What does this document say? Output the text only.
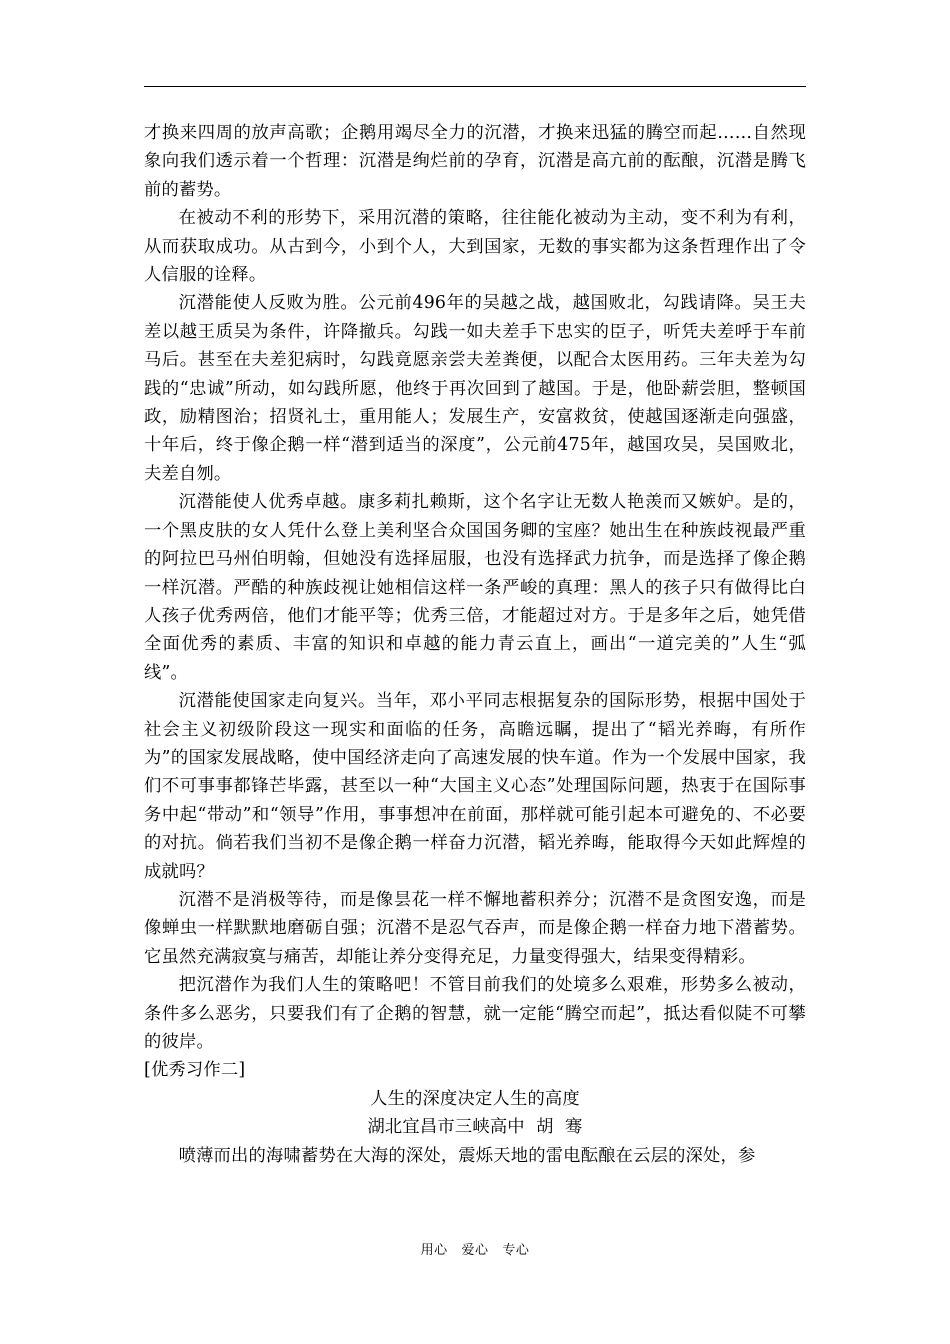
才换来四周的放声高歌；企鹅用竭尽全力的沉潜，才换来迅猛的腾空而起……自然现象向我们透示着一个哲理：沉潜是绚烂前的孕育，沉潜是高亢前的酝酿，沉潜是腾飞前的蓄势。

在被动不利的形势下，采用沉潜的策略，往往能化被动为主动，变不利为有利，从而获取成功。从古到今，小到个人，大到国家，无数的事实都为这条哲理作出了令人信服的诠释。

沉潜能使人反败为胜。公元前496年的吴越之战，越国败北，勾践请降。吴王夫差以越王质吴为条件，许降撤兵。勾践一如夫差手下忠实的臣子，听凭夫差呼于车前马后。甚至在夫差犯病时，勾践竟愿亲尝夫差粪便，以配合太医用药。三年夫差为勾践的“忠诚”所动，如勾践所愿，他终于再次回到了越国。于是，他卧薪尝胆，整顿国政，励精图治；招贤礼士，重用能人；发展生产，安富救贫，使越国逐渐走向强盛，十年后，终于像企鹅一样“潜到适当的深度”，公元前475年，越国攻吴，吴国败北，夫差自刎。

沉潜能使人优秀卓越。康多莉扎赖斯，这个名字让无数人艳羡而又嫉妒。是的，一个黑皮肤的女人凭什么登上美利坚合众国国务卿的宝座？她出生在种族歧视最严重的阿拉巴马州伯明翰，但她没有选择屈服，也没有选择武力抗争，而是选择了像企鹅一样沉潜。严酷的种族歧视让她相信这样一条严峻的真理：黑人的孩子只有做得比白人孩子优秀两倍，他们才能平等；优秀三倍，才能超过对方。于是多年之后，她凭借全面优秀的素质、丰富的知识和卓越的能力青云直上，画出“一道完美的”人生“弧线”。

沉潜能使国家走向复兴。当年，邓小平同志根据复杂的国际形势，根据中国处于社会主义初级阶段这一现实和面临的任务，高瞻远瞩，提出了“韬光养晦，有所作为”的国家发展战略，使中国经济走向了高速发展的快车道。作为一个发展中国家，我们不可事事都锋芒毕露，甚至以一种“大国主义心态”处理国际问题，热衷于在国际事务中起“带动”和“领导”作用，事事想冲在前面，那样就可能引起本可避免的、不必要的对抗。倘若我们当初不是像企鹅一样奋力沉潜，韬光养晦，能取得今天如此辉煌的成就吗？

沉潜不是消极等待，而是像昙花一样不懈地蓄积养分；沉潜不是贪图安逸，而是像蝉虫一样默默地磨砺自强；沉潜不是忍气吞声，而是像企鹅一样奋力地下潜蓄势。它虽然充满寂寞与痛苦，却能让养分变得充足，力量变得强大，结果变得精彩。

把沉潜作为我们人生的策略吧！不管目前我们的处境多么艰难，形势多么被动，条件多么恶劣，只要我们有了企鹅的智慧，就一定能“腾空而起”，抵达看似陡不可攀的彼岸。

[优秀习作二]

人生的深度决定人生的高度

湖北宜昌市三峡高中  胡  骞

喷薄而出的海啸蓄势在大海的深处，震烁天地的雷电酝酿在云层的深处，参

用心   爱心   专心
